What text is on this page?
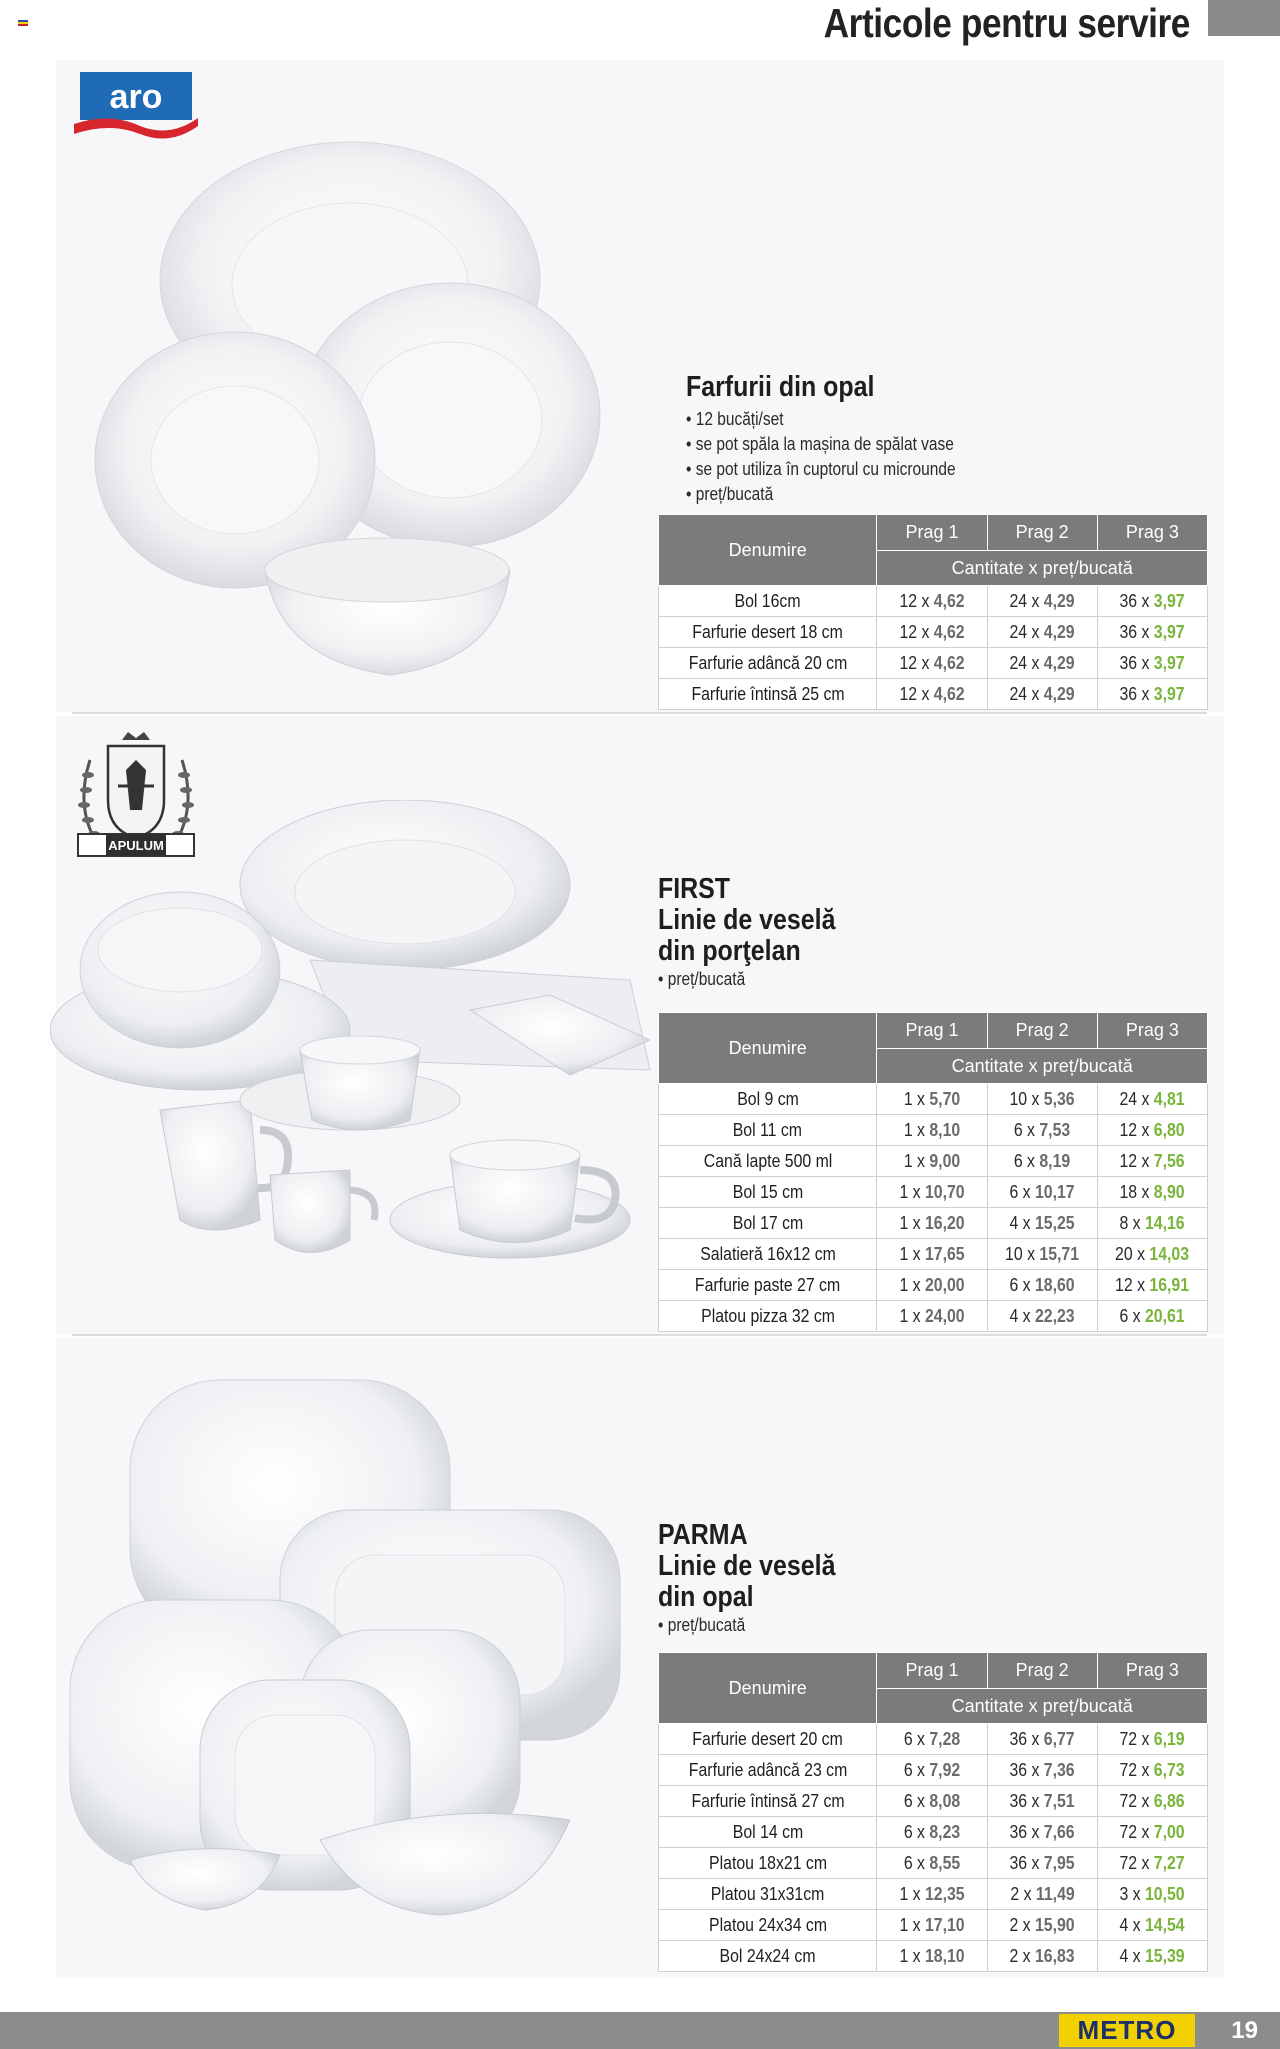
Articole pentru servire
aro
Farfurii din opal
• 12 bucăți/set
• se pot spăla la mașina de spălat vase
• se pot utiliza în cuptorul cu microunde
• preț/bucată
Denumire	Prag 1	Prag 2	Prag 3
	Cantitate x preț/bucată		
Bol 16cm	12 x 4,62	24 x 4,29	36 x 3,97
Farfurie desert 18 cm	12 x 4,62	24 x 4,29	36 x 3,97
Farfurie adâncă 20 cm	12 x 4,62	24 x 4,29	36 x 3,97
Farfurie întinsă 25 cm	12 x 4,62	24 x 4,29	36 x 3,97
APULUM
FIRST
Linie de veselă
din porţelan
• preț/bucată
Denumire	Prag 1	Prag 2	Prag 3
	Cantitate x preț/bucată		
Bol 9 cm	1 x 5,70	10 x 5,36	24 x 4,81
Bol 11 cm	1 x 8,10	6 x 7,53	12 x 6,80
Cană lapte 500 ml	1 x 9,00	6 x 8,19	12 x 7,56
Bol 15 cm	1 x 10,70	6 x 10,17	18 x 8,90
Bol 17 cm	1 x 16,20	4 x 15,25	8 x 14,16
Salatieră 16x12 cm	1 x 17,65	10 x 15,71	20 x 14,03
Farfurie paste 27 cm	1 x 20,00	6 x 18,60	12 x 16,91
Platou pizza 32 cm	1 x 24,00	4 x 22,23	6 x 20,61
PARMA
Linie de veselă
din opal
• preț/bucată
Denumire	Prag 1	Prag 2	Prag 3
	Cantitate x preț/bucată		
Farfurie desert 20 cm	6 x 7,28	36 x 6,77	72 x 6,19
Farfurie adâncă 23 cm	6 x 7,92	36 x 7,36	72 x 6,73
Farfurie întinsă 27 cm	6 x 8,08	36 x 7,51	72 x 6,86
Bol 14 cm	6 x 8,23	36 x 7,66	72 x 7,00
Platou 18x21 cm	6 x 8,55	36 x 7,95	72 x 7,27
Platou 31x31cm	1 x 12,35	2 x 11,49	3 x 10,50
Platou 24x34 cm	1 x 17,10	2 x 15,90	4 x 14,54
Bol 24x24 cm	1 x 18,10	2 x 16,83	4 x 15,39
METRO 19
